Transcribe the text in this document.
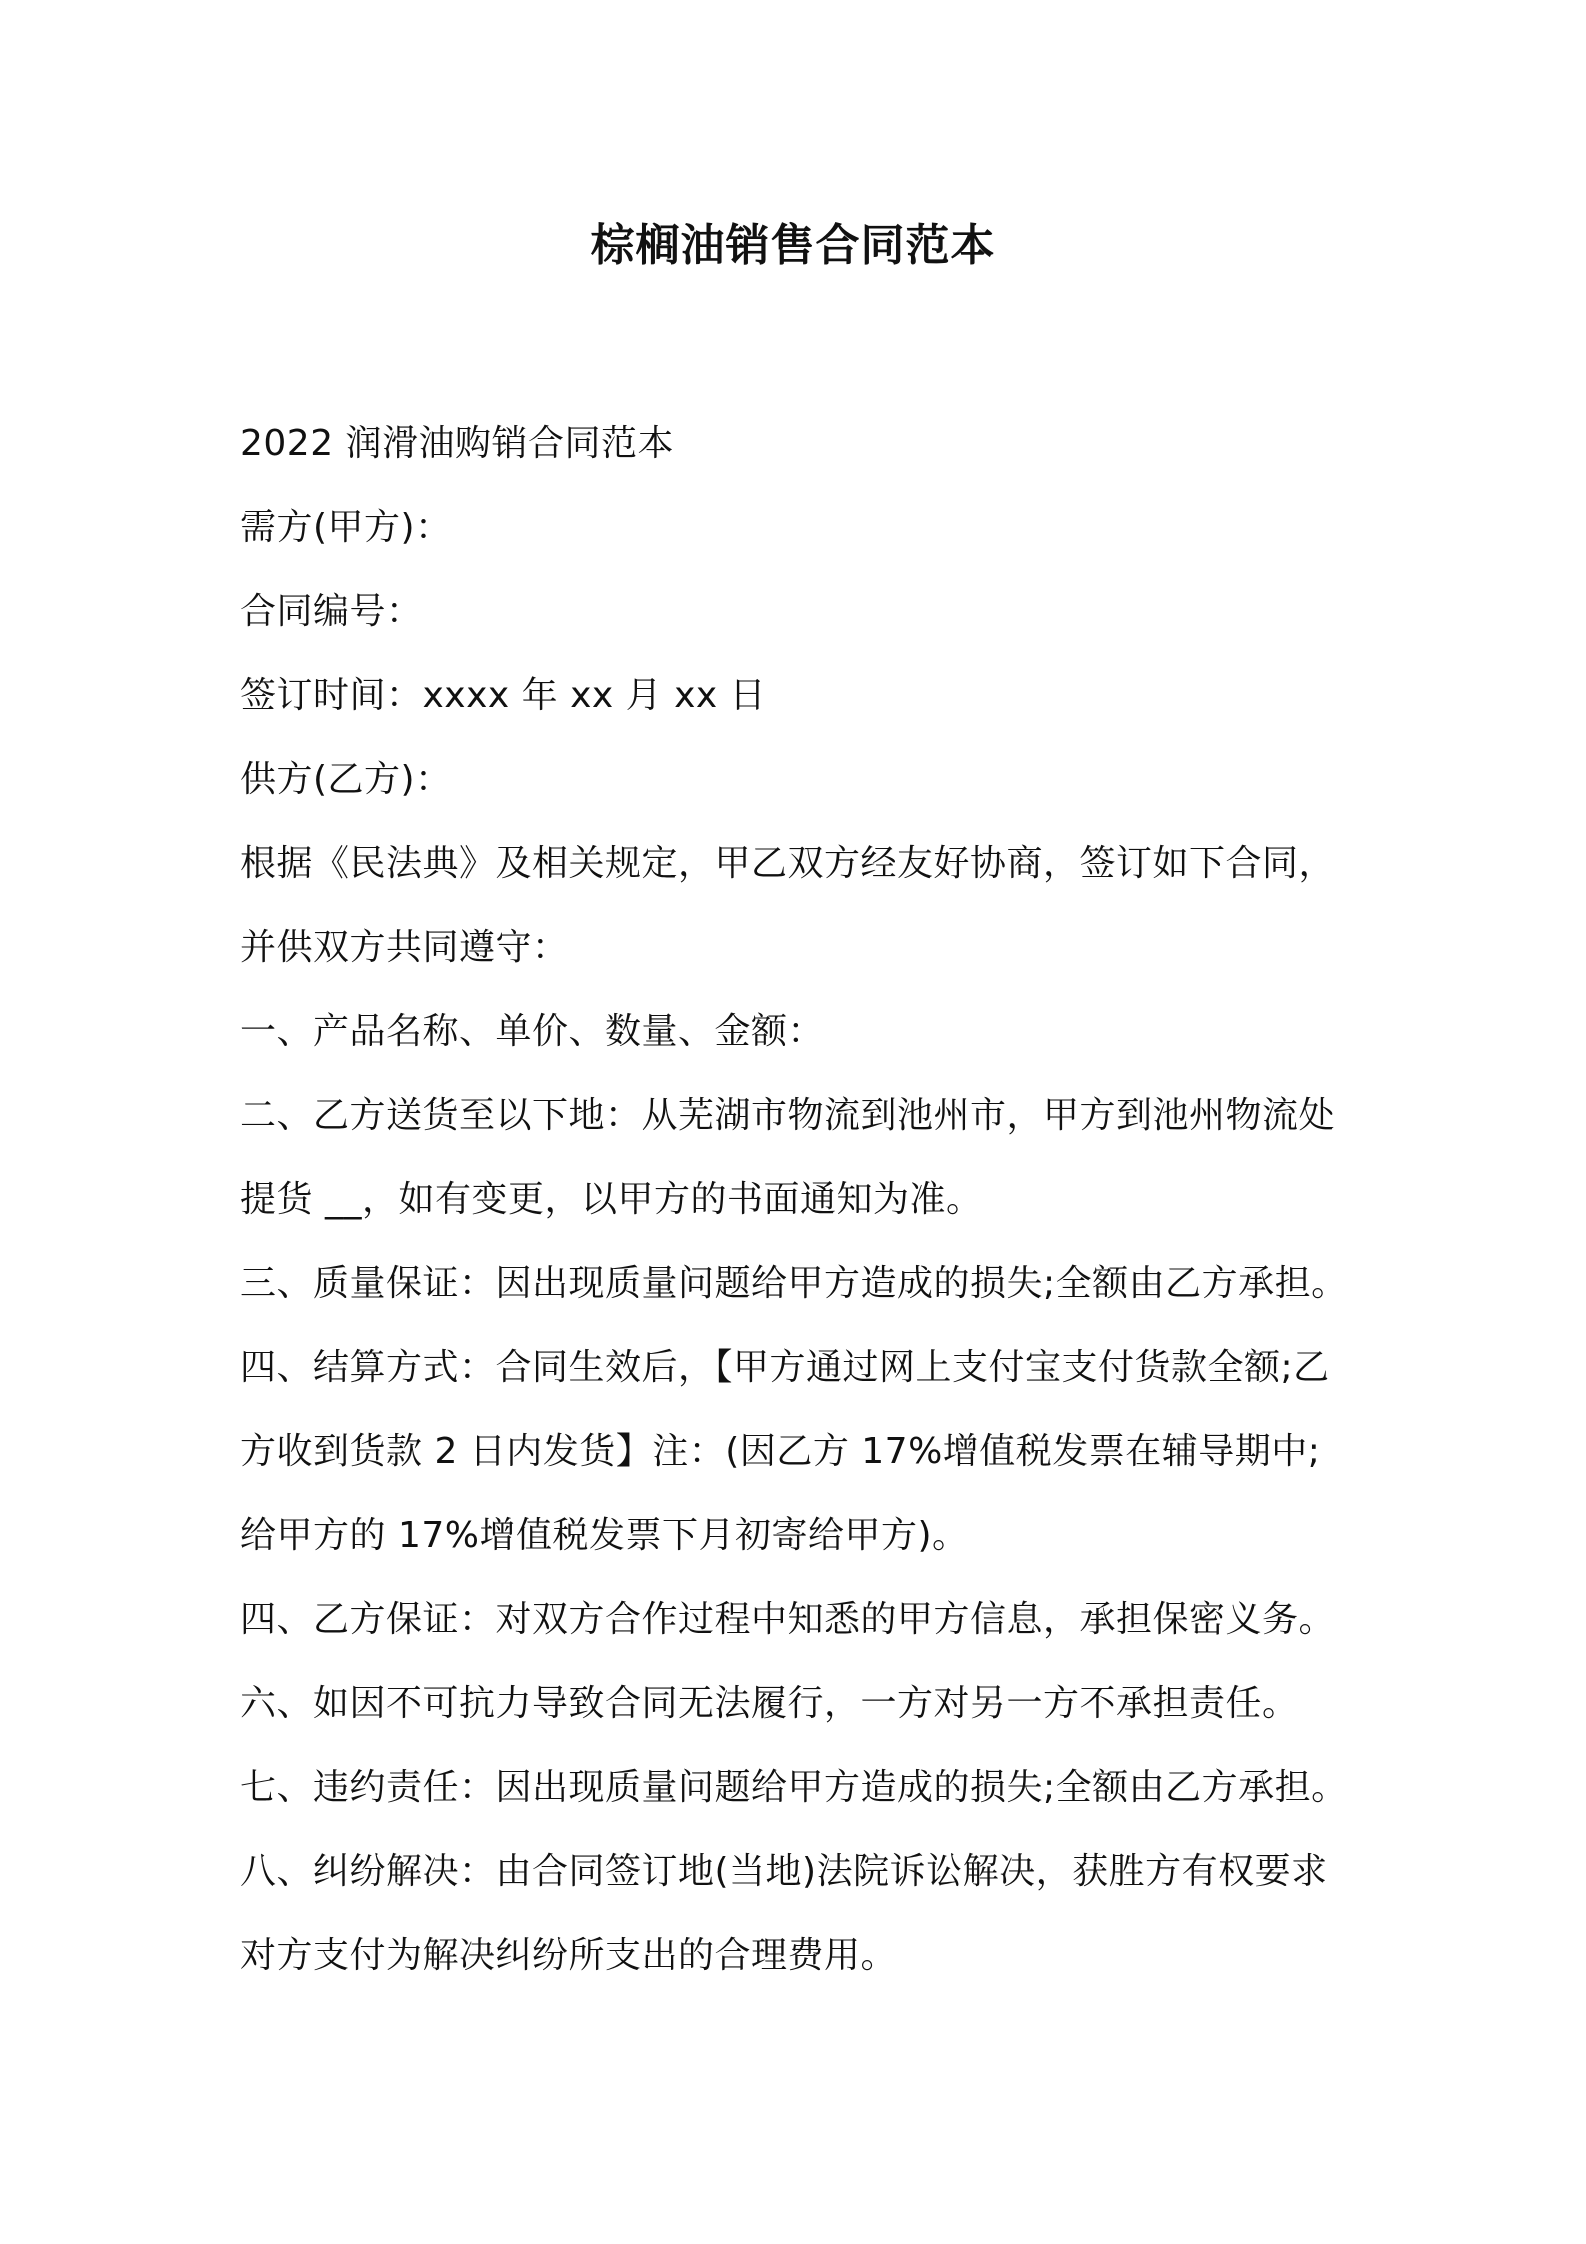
棕榈油销售合同范本
2022 润滑油购销合同范本
需方(甲方)：
合同编号：
签订时间：xxxx 年 xx 月 xx 日
供方(乙方)：
根据《民法典》及相关规定，甲乙双方经友好协商，签订如下合同，
并供双方共同遵守：
一、产品名称、单价、数量、金额：
二、乙方送货至以下地：从芜湖市物流到池州市，甲方到池州物流处
提货 __，如有变更，以甲方的书面通知为准。
三、质量保证：因出现质量问题给甲方造成的损失;全额由乙方承担。
四、结算方式：合同生效后，【甲方通过网上支付宝支付货款全额;乙
方收到货款 2 日内发货】注：(因乙方 17%增值税发票在辅导期中;
给甲方的 17%增值税发票下月初寄给甲方)。
四、乙方保证：对双方合作过程中知悉的甲方信息，承担保密义务。
六、如因不可抗力导致合同无法履行，一方对另一方不承担责任。
七、违约责任：因出现质量问题给甲方造成的损失;全额由乙方承担。
八、纠纷解决：由合同签订地(当地)法院诉讼解决，获胜方有权要求
对方支付为解决纠纷所支出的合理费用。
